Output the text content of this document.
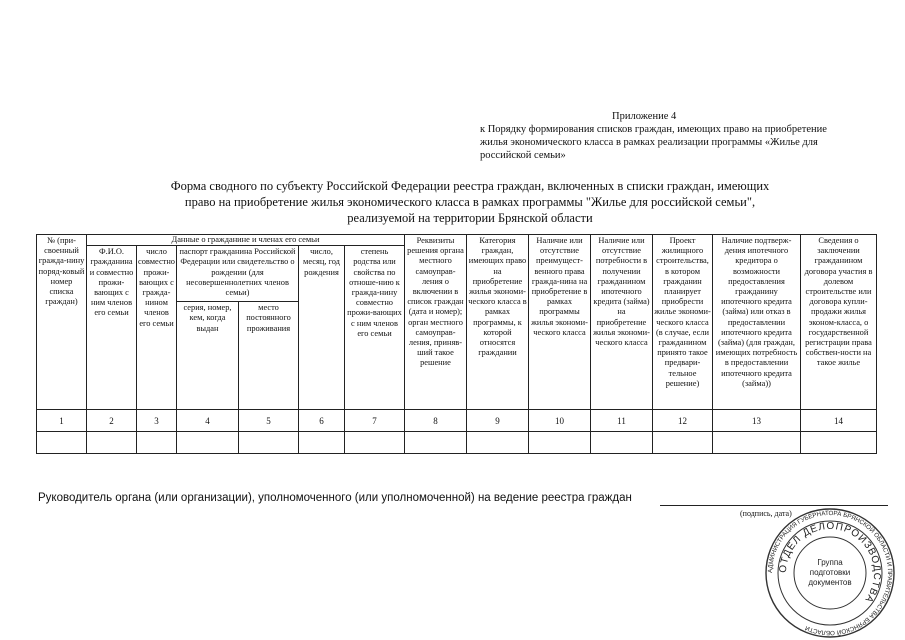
Приложение 4
к Порядку формирования списков граждан, имеющих право на приобретение
жилья экономического класса в рамках реализации программы «Жилье для
российской семьи»
Форма сводного по субъекту Российской Федерации реестра граждан, включенных в списки граждан, имеющих
право на приобретение жилья экономического класса в рамках программы "Жилье для российской семьи",
реализуемой на территории Брянской области
№ (при-своенный гражда-нину поряд-ковый номер списка граждан)	Данные о гражданине и членах его семьи						Реквизиты решения органа местного самоуправ-ления о включении в список граждан (дата и номер); орган местного самоуправ-ления, приняв-ший такое решение	Категория граждан, имеющих право на приобретение жилья экономи-ческого класса в рамках программы, к которой относятся граждании	Наличие или отсутствие преимущест-венного права гражда-нина на приобретение в рамках программы жилья экономи-ческого класса	Наличие или отсутствие потребности в получении гражданином ипотечного кредита (займа) на приобретение жилья экономи-ческого класса	Проект жилищного строительства, в котором гражданин планирует приобрести жилье экономи-ческого класса (в случае, если гражданином принято такое предвари-тельное решение)	Наличие подтверж-дения ипотечного кредитора о возможности предоставления гражданину ипотечного кредита (займа) или отказ в предоставлении ипотечного кредита (займа) (для граждан, имеющих потребность в предоставлении ипотечного кредита (займа))	Сведения о заключении гражданином договора участия в долевом строительстве или договора купли-продажи жилья эконом-класса, о государственной регистрации права собствен-ности на такое жилье
	Ф.И.О. гражданина и совместно прожи-вающих с ним членов его семьи	число совместно прожи-вающих с гражда-нином членов его семьи	паспорт гражданина Российской Федерации или свидетельство о рождении (для несовершеннолетних членов семьи)		число, месяц, год рождения	степень родства или свойства по отноше-нию к гражда-нину совместно прожи-вающих с ним членов его семьи							
			серия, номер, кем, когда выдан	место постоянного проживания									

1	2	3	4	5	6	7	8	9	10	11	12	13	14

Руководитель органа (или организации), уполномоченного (или уполномоченной) на ведение реестра граждан
(подпись, дата)
АДМИНИСТРАЦИЯ ГУБЕРНАТОРА БРЯНСКОЙ ОБЛАСТИ И ПРАВИТЕЛЬСТВА БРЯНСКОЙ ОБЛАСТИ
ОТДЕЛ ДЕЛОПРОИЗВОДСТВА
Группа
подготовки
документов
